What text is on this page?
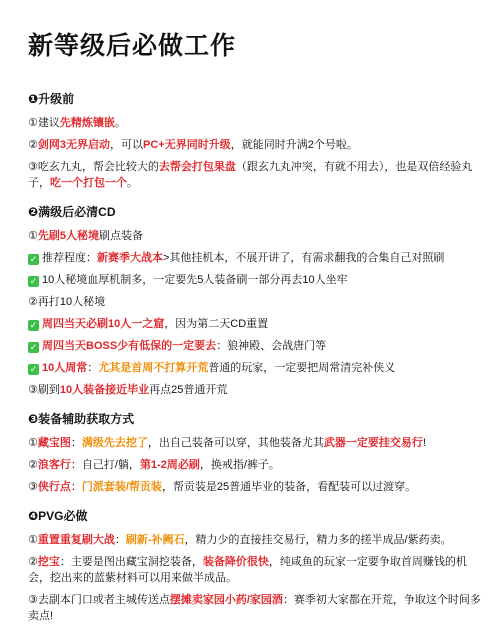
新等级后必做工作
❶升级前
①建议先精炼镶嵌。
②剑网3无界启动，可以PC+无界同时升级，就能同时升满2个号啦。
③吃玄九丸，帮会比较大的去帮会打包果盘（跟玄九丸冲突，有就不用去），也是双倍经验丸子，吃一个打包一个。
❷满级后必清CD
①先刷5人秘境刷点装备
✓ 推荐程度：新赛季大战本>其他挂机本，不展开讲了，有需求翻我的合集自己对照刷
✓ 10人秘境血厚机制多，一定要先5人装备刷一部分再去10人坐牢
②再打10人秘境
✓ 周四当天必刷10人一之窟，因为第二天CD重置
✓ 周四当天BOSS少有低保的一定要去：狼神殿、会战唐门等
✓ 10人周常：尤其是首周不打算开荒普通的玩家，一定要把周常清完补侠义
③刷到10人装备接近毕业再点25普通开荒
❸装备辅助获取方式
①藏宝图：满级先去挖了，出自己装备可以穿，其他装备尤其武器一定要挂交易行!
②浪客行：自己打/躺，第1-2周必刷，换戒指/裤子。
③侠行点：门派套装/帮贡装，帮贡装是25普通毕业的装备，看配装可以过渡穿。
❹PVG必做
①重置重复刷大战：刷新-补阙石，精力少的直接挂交易行，精力多的搓半成品/紫药卖。
②挖宝：主要是图出藏宝洞挖装备，装备降价很快，纯咸鱼的玩家一定要争取首周赚钱的机会，挖出来的蓝紫材料可以用来做半成品。
③去副本门口或者主城传送点摆摊卖家园小药/家园酒：赛季初大家都在开荒，争取这个时间多卖点!
